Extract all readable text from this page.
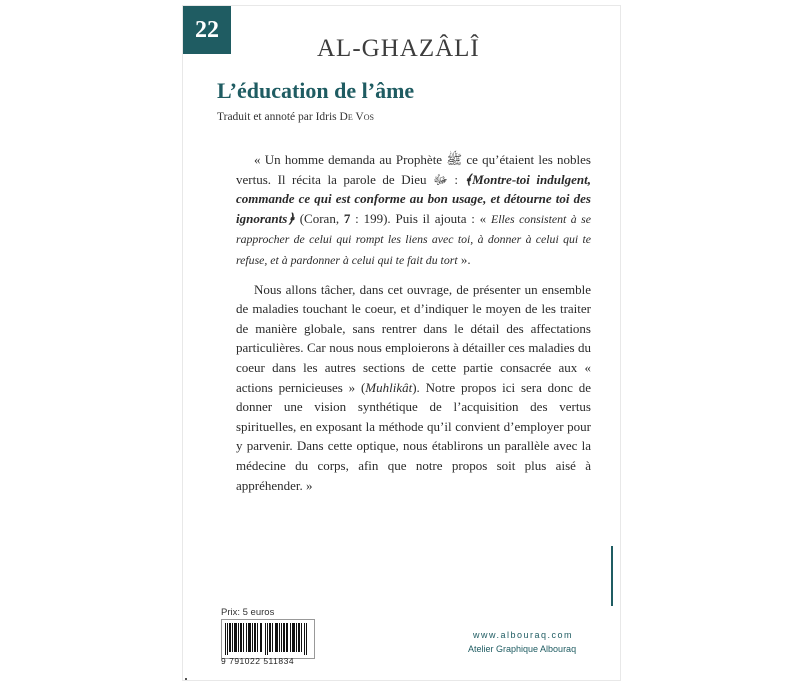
22
AL-GHAZÂLÎ
L’éducation de l’âme
Traduit et annoté par Idris De Vos

« Un homme demanda au Prophète ﷺ ce qu’étaient les nobles vertus. Il récita la parole de Dieu ﷻ : ﴾Montre-toi indulgent, commande ce qui est conforme au bon usage, et détourne toi des ignorants﴿ (Coran, 7 : 199). Puis il ajouta : « Elles consistent à se rapprocher de celui qui rompt les liens avec toi, à donner à celui qui te refuse, et à pardonner à celui qui te fait du tort ».

Nous allons tâcher, dans cet ouvrage, de présenter un ensemble de maladies touchant le coeur, et d’indiquer le moyen de les traiter de manière globale, sans rentrer dans le détail des affectations particulières. Car nous nous emploierons à détailler ces maladies du coeur dans les autres sections de cette partie consacrée aux « actions pernicieuses » (Muhlikât). Notre propos ici sera donc de donner une vision synthétique de l’acquisition des vertus spirituelles, en exposant la méthode qu’il convient d’employer pour y parvenir. Dans cette optique, nous établirons un parallèle avec la médecine du corps, afin que notre propos soit plus aisé à appréhender. »

Prix: 5 euros
9 791022 511834
www.albouraq.com
Atelier Graphique Albouraq
